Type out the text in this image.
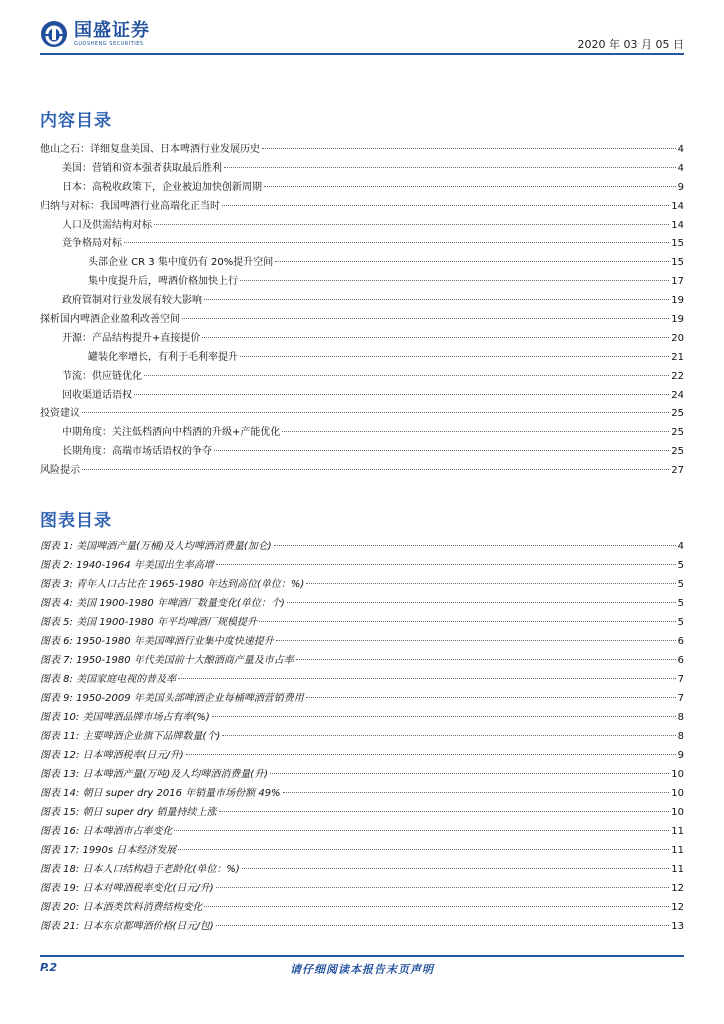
国盛证券
GUOSHENG SECURITIES	2020 年 03 月 05 日
内容目录
他山之石：详细复盘美国、日本啤酒行业发展历史	4
美国：营销和资本强者获取最后胜利	4
日本：高税收政策下，企业被迫加快创新周期	9
归纳与对标：我国啤酒行业高端化正当时	14
人口及供需结构对标	14
竞争格局对标	15
头部企业 CR 3 集中度仍有 20%提升空间	15
集中度提升后，啤酒价格加快上行	17
政府管制对行业发展有较大影响	19
探析国内啤酒企业盈利改善空间	19
开源：产品结构提升+直接提价	20
罐装化率增长，有利于毛利率提升	21
节流：供应链优化	22
回收渠道话语权	24
投资建议	25
中期角度：关注低档酒向中档酒的升级+产能优化	25
长期角度：高端市场话语权的争夺	25
风险提示	27
图表目录
图表 1: 美国啤酒产量(万桶)及人均啤酒消费量(加仑)	4
图表 2: 1940-1964 年美国出生率高增	5
图表 3: 青年人口占比在 1965-1980 年达到高位(单位：%)	5
图表 4: 美国 1900-1980 年啤酒厂数量变化(单位：个)	5
图表 5: 美国 1900-1980 年平均啤酒厂规模提升	5
图表 6: 1950-1980 年美国啤酒行业集中度快速提升	6
图表 7: 1950-1980 年代美国前十大酿酒商产量及市占率	6
图表 8: 美国家庭电视的普及率	7
图表 9: 1950-2009 年美国头部啤酒企业每桶啤酒营销费用	7
图表 10: 美国啤酒品牌市场占有率(%)	8
图表 11: 主要啤酒企业旗下品牌数量(个)	8
图表 12: 日本啤酒税率(日元/升)	9
图表 13: 日本啤酒产量(万吨)及人均啤酒消费量(升)	10
图表 14: 朝日 super dry 2016 年销量市场份额 49%	10
图表 15: 朝日 super dry 销量持续上涨	10
图表 16: 日本啤酒市占率变化	11
图表 17: 1990s 日本经济发展	11
图表 18: 日本人口结构趋于老龄化(单位：%)	11
图表 19: 日本对啤酒税率变化(日元/升)	12
图表 20: 日本酒类饮料消费结构变化	12
图表 21: 日本东京都啤酒价格(日元/包)	13
P.2	请仔细阅读本报告末页声明
